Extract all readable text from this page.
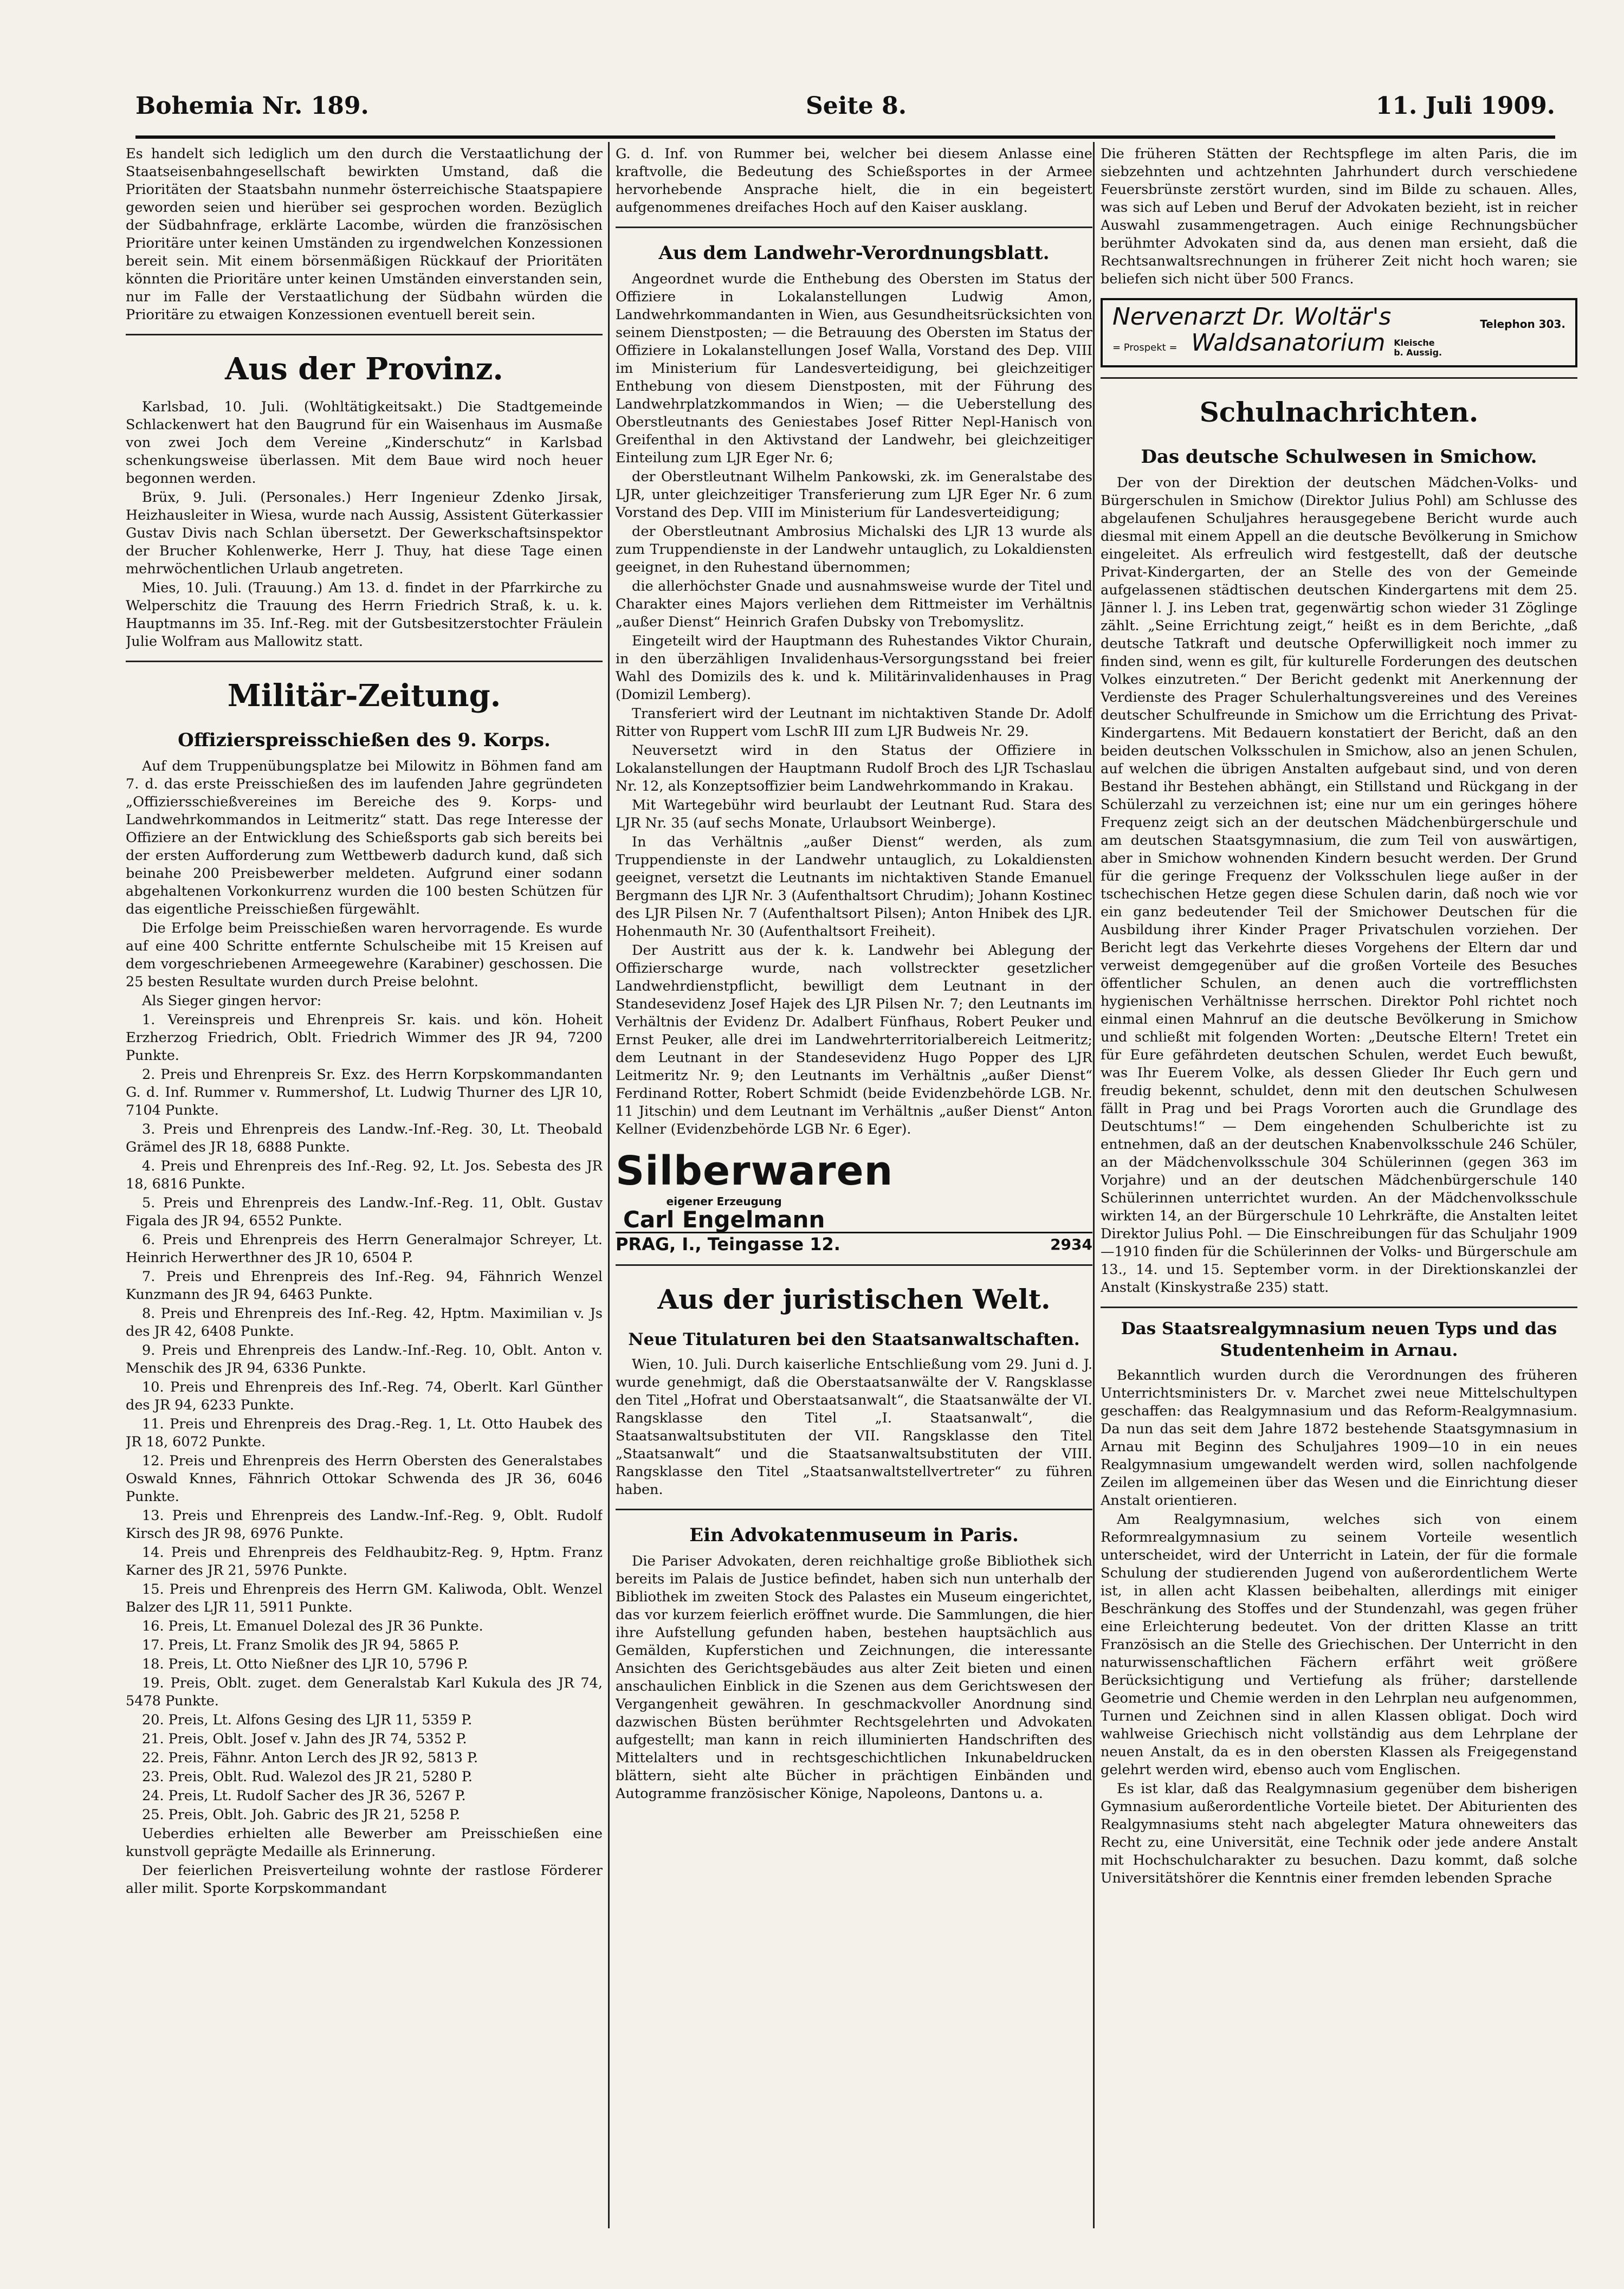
Bohemia Nr. 189.	Seite 8.	11. Juli 1909.

Es handelt sich lediglich um den durch die Verstaatlichung der Staatseisenbahngesellschaft bewirkten Umstand, daß die Prioritäten der Staatsbahn nunmehr österreichische Staatspapiere geworden seien und hierüber sei gesprochen worden. Bezüglich der Südbahnfrage, erklärte Lacombe, würden die französischen Prioritäre unter keinen Umständen zu irgendwelchen Konzessionen bereit sein. Mit einem börsenmäßigen Rückkauf der Prioritäten könnten die Prioritäre unter keinen Umständen einverstanden sein, nur im Falle der Verstaatlichung der Südbahn würden die Prioritäre zu etwaigen Konzessionen eventuell bereit sein.

Aus der Provinz.

Karlsbad, 10. Juli. (Wohltätigkeitsakt.) Die Stadtgemeinde Schlackenwert hat den Baugrund für ein Waisenhaus im Ausmaße von zwei Joch dem Vereine „Kinderschutz“ in Karlsbad schenkungsweise überlassen. Mit dem Baue wird noch heuer begonnen werden.

Brüx, 9. Juli. (Personales.) Herr Ingenieur Zdenko Jirsak, Heizhausleiter in Wiesa, wurde nach Aussig, Assistent Güterkassier Gustav Divis nach Schlan übersetzt. Der Gewerkschaftsinspektor der Brucher Kohlenwerke, Herr J. Thuy, hat diese Tage einen mehrwöchentlichen Urlaub angetreten.

Mies, 10. Juli. (Trauung.) Am 13. d. findet in der Pfarrkirche zu Welperschitz die Trauung des Herrn Friedrich Straß, k. u. k. Hauptmanns im 35. Inf.-Reg. mit der Gutsbesitzerstochter Fräulein Julie Wolfram aus Mallowitz statt.

Militär-Zeitung.
Offizierspreisschießen des 9. Korps.

Auf dem Truppenübungsplatze bei Milowitz in Böhmen fand am 7. d. das erste Preisschießen des im laufenden Jahre gegründeten „Offiziersschießvereines im Bereiche des 9. Korps- und Landwehrkommandos in Leitmeritz“ statt. Das rege Interesse der Offiziere an der Entwicklung des Schießsports gab sich bereits bei der ersten Aufforderung zum Wettbewerb dadurch kund, daß sich beinahe 200 Preisbewerber meldeten. Aufgrund einer sodann abgehaltenen Vorkonkurrenz wurden die 100 besten Schützen für das eigentliche Preisschießen fürgewählt.

Die Erfolge beim Preisschießen waren hervorragende. Es wurde auf eine 400 Schritte entfernte Schulscheibe mit 15 Kreisen auf dem vorgeschriebenen Armeegewehre (Karabiner) geschossen. Die 25 besten Resultate wurden durch Preise belohnt.

Als Sieger gingen hervor:

1. Vereinspreis und Ehrenpreis Sr. kais. und kön. Hoheit Erzherzog Friedrich, Oblt. Friedrich Wimmer des JR 94, 7200 Punkte.

2. Preis und Ehrenpreis Sr. Exz. des Herrn Korpskommandanten G. d. Inf. Rummer v. Rummershof, Lt. Ludwig Thurner des LJR 10, 7104 Punkte.

3. Preis und Ehrenpreis des Landw.-Inf.-Reg. 30, Lt. Theobald Grämel des JR 18, 6888 Punkte.

4. Preis und Ehrenpreis des Inf.-Reg. 92, Lt. Jos. Sebesta des JR 18, 6816 Punkte.

5. Preis und Ehrenpreis des Landw.-Inf.-Reg. 11, Oblt. Gustav Figala des JR 94, 6552 Punkte.

6. Preis und Ehrenpreis des Herrn Generalmajor Schreyer, Lt. Heinrich Herwerthner des JR 10, 6504 P.

7. Preis und Ehrenpreis des Inf.-Reg. 94, Fähnrich Wenzel Kunzmann des JR 94, 6463 Punkte.

8. Preis und Ehrenpreis des Inf.-Reg. 42, Hptm. Maximilian v. Js des JR 42, 6408 Punkte.

9. Preis und Ehrenpreis des Landw.-Inf.-Reg. 10, Oblt. Anton v. Menschik des JR 94, 6336 Punkte.

10. Preis und Ehrenpreis des Inf.-Reg. 74, Oberlt. Karl Günther des JR 94, 6233 Punkte.

11. Preis und Ehrenpreis des Drag.-Reg. 1, Lt. Otto Haubek des JR 18, 6072 Punkte.

12. Preis und Ehrenpreis des Herrn Obersten des Generalstabes Oswald Knnes, Fähnrich Ottokar Schwenda des JR 36, 6046 Punkte.

13. Preis und Ehrenpreis des Landw.-Inf.-Reg. 9, Oblt. Rudolf Kirsch des JR 98, 6976 Punkte.

14. Preis und Ehrenpreis des Feldhaubitz-Reg. 9, Hptm. Franz Karner des JR 21, 5976 Punkte.

15. Preis und Ehrenpreis des Herrn GM. Kaliwoda, Oblt. Wenzel Balzer des LJR 11, 5911 Punkte.

16. Preis, Lt. Emanuel Dolezal des JR 36 Punkte.

17. Preis, Lt. Franz Smolik des JR 94, 5865 P.

18. Preis, Lt. Otto Nießner des LJR 10, 5796 P.

19. Preis, Oblt. zuget. dem Generalstab Karl Kukula des JR 74, 5478 Punkte.

20. Preis, Lt. Alfons Gesing des LJR 11, 5359 P.

21. Preis, Oblt. Josef v. Jahn des JR 74, 5352 P.

22. Preis, Fähnr. Anton Lerch des JR 92, 5813 P.

23. Preis, Oblt. Rud. Walezol des JR 21, 5280 P.

24. Preis, Lt. Rudolf Sacher des JR 36, 5267 P.

25. Preis, Oblt. Joh. Gabric des JR 21, 5258 P.

Ueberdies erhielten alle Bewerber am Preisschießen eine kunstvoll geprägte Medaille als Erinnerung.

Der feierlichen Preisverteilung wohnte der rastlose Förderer aller milit. Sporte Korpskommandant

G. d. Inf. von Rummer bei, welcher bei diesem Anlasse eine kraftvolle, die Bedeutung des Schießsportes in der Armee hervorhebende Ansprache hielt, die in ein begeistert aufgenommenes dreifaches Hoch auf den Kaiser ausklang.

Aus dem Landwehr-Verordnungsblatt.

Angeordnet wurde die Enthebung des Obersten im Status der Offiziere in Lokalanstellungen Ludwig Amon, Landwehrkommandanten in Wien, aus Gesundheitsrücksichten von seinem Dienstposten; — die Betrauung des Obersten im Status der Offiziere in Lokalanstellungen Josef Walla, Vorstand des Dep. VIII im Ministerium für Landesverteidigung, bei gleichzeitiger Enthebung von diesem Dienstposten, mit der Führung des Landwehrplatzkommandos in Wien; — die Ueberstellung des Oberstleutnants des Geniestabes Josef Ritter Nepl-Hanisch von Greifenthal in den Aktivstand der Landwehr, bei gleichzeitiger Einteilung zum LJR Eger Nr. 6;

der Oberstleutnant Wilhelm Pankowski, zk. im Generalstabe des LJR, unter gleichzeitiger Transferierung zum LJR Eger Nr. 6 zum Vorstand des Dep. VIII im Ministerium für Landesverteidigung;

der Oberstleutnant Ambrosius Michalski des LJR 13 wurde als zum Truppendienste in der Landwehr untauglich, zu Lokaldiensten geeignet, in den Ruhestand übernommen;

die allerhöchster Gnade und ausnahmsweise wurde der Titel und Charakter eines Majors verliehen dem Rittmeister im Verhältnis „außer Dienst“ Heinrich Grafen Dubsky von Trebomyslitz.

Eingeteilt wird der Hauptmann des Ruhestandes Viktor Churain, in den überzähligen Invalidenhaus-Versorgungsstand bei freier Wahl des Domizils des k. und k. Militärinvalidenhauses in Prag (Domizil Lemberg).

Transferiert wird der Leutnant im nichtaktiven Stande Dr. Adolf Ritter von Ruppert vom LschR III zum LJR Budweis Nr. 29.

Neuversetzt wird in den Status der Offiziere in Lokalanstellungen der Hauptmann Rudolf Broch des LJR Tschaslau Nr. 12, als Konzeptsoffizier beim Landwehrkommando in Krakau.

Mit Wartegebühr wird beurlaubt der Leutnant Rud. Stara des LJR Nr. 35 (auf sechs Monate, Urlaubsort Weinberge).

In das Verhältnis „außer Dienst“ werden, als zum Truppendienste in der Landwehr untauglich, zu Lokaldiensten geeignet, versetzt die Leutnants im nichtaktiven Stande Emanuel Bergmann des LJR Nr. 3 (Aufenthaltsort Chrudim); Johann Kostinec des LJR Pilsen Nr. 7 (Aufenthaltsort Pilsen); Anton Hnibek des LJR. Hohenmauth Nr. 30 (Aufenthaltsort Freiheit).

Der Austritt aus der k. k. Landwehr bei Ablegung der Offizierscharge wurde, nach vollstreckter gesetzlicher Landwehrdienstpflicht, bewilligt dem Leutnant in der Standesevidenz Josef Hajek des LJR Pilsen Nr. 7; den Leutnants im Verhältnis der Evidenz Dr. Adalbert Fünfhaus, Robert Peuker und Ernst Peuker, alle drei im Landwehrterritorialbereich Leitmeritz; dem Leutnant in der Standesevidenz Hugo Popper des LJR Leitmeritz Nr. 9; den Leutnants im Verhältnis „außer Dienst“ Ferdinand Rotter, Robert Schmidt (beide Evidenzbehörde LGB. Nr. 11 Jitschin) und dem Leutnant im Verhältnis „außer Dienst“ Anton Kellner (Evidenzbehörde LGB Nr. 6 Eger).

Silberwaren
eigener Erzeugung
Carl Engelmann
PRAG, I., Teingasse 12.	2934
Aus der juristischen Welt.
Neue Titulaturen bei den Staatsanwaltschaften.

Wien, 10. Juli. Durch kaiserliche Entschließung vom 29. Juni d. J. wurde genehmigt, daß die Oberstaatsanwälte der V. Rangsklasse den Titel „Hofrat und Oberstaatsanwalt“, die Staatsanwälte der VI. Rangsklasse den Titel „I. Staatsanwalt“, die Staatsanwaltsubstituten der VII. Rangsklasse den Titel „Staatsanwalt“ und die Staatsanwaltsubstituten der VIII. Rangsklasse den Titel „Staatsanwaltstellvertreter“ zu führen haben.

Ein Advokatenmuseum in Paris.

Die Pariser Advokaten, deren reichhaltige große Bibliothek sich bereits im Palais de Justice befindet, haben sich nun unterhalb der Bibliothek im zweiten Stock des Palastes ein Museum eingerichtet, das vor kurzem feierlich eröffnet wurde. Die Sammlungen, die hier ihre Aufstellung gefunden haben, bestehen hauptsächlich aus Gemälden, Kupferstichen und Zeichnungen, die interessante Ansichten des Gerichtsgebäudes aus alter Zeit bieten und einen anschaulichen Einblick in die Szenen aus dem Gerichtswesen der Vergangenheit gewähren. In geschmackvoller Anordnung sind dazwischen Büsten berühmter Rechtsgelehrten und Advokaten aufgestellt; man kann in reich illuminierten Handschriften des Mittelalters und in rechtsgeschichtlichen Inkunabeldrucken blättern, sieht alte Bücher in prächtigen Einbänden und Autogramme französischer Könige, Napoleons, Dantons u. a.

Die früheren Stätten der Rechtspflege im alten Paris, die im siebzehnten und achtzehnten Jahrhundert durch verschiedene Feuersbrünste zerstört wurden, sind im Bilde zu schauen. Alles, was sich auf Leben und Beruf der Advokaten bezieht, ist in reicher Auswahl zusammengetragen. Auch einige Rechnungsbücher berühmter Advokaten sind da, aus denen man ersieht, daß die Rechtsanwaltsrechnungen in früherer Zeit nicht hoch waren; sie beliefen sich nicht über 500 Francs.

Nervenarzt Dr. Woltär's	Telephon 303.
= Prospekt = Waldsanatorium Kleische
b. Aussig.
Schulnachrichten.
Das deutsche Schulwesen in Smichow.

Der von der Direktion der deutschen Mädchen-Volks- und Bürgerschulen in Smichow (Direktor Julius Pohl) am Schlusse des abgelaufenen Schuljahres herausgegebene Bericht wurde auch diesmal mit einem Appell an die deutsche Bevölkerung in Smichow eingeleitet. Als erfreulich wird festgestellt, daß der deutsche Privat-Kindergarten, der an Stelle des von der Gemeinde aufgelassenen städtischen deutschen Kindergartens mit dem 25. Jänner l. J. ins Leben trat, gegenwärtig schon wieder 31 Zöglinge zählt. „Seine Errichtung zeigt,“ heißt es in dem Berichte, „daß deutsche Tatkraft und deutsche Opferwilligkeit noch immer zu finden sind, wenn es gilt, für kulturelle Forderungen des deutschen Volkes einzutreten.“ Der Bericht gedenkt mit Anerkennung der Verdienste des Prager Schulerhaltungsvereines und des Vereines deutscher Schulfreunde in Smichow um die Errichtung des Privat-Kindergartens. Mit Bedauern konstatiert der Bericht, daß an den beiden deutschen Volksschulen in Smichow, also an jenen Schulen, auf welchen die übrigen Anstalten aufgebaut sind, und von deren Bestand ihr Bestehen abhängt, ein Stillstand und Rückgang in der Schülerzahl zu verzeichnen ist; eine nur um ein geringes höhere Frequenz zeigt sich an der deutschen Mädchenbürgerschule und am deutschen Staatsgymnasium, die zum Teil von auswärtigen, aber in Smichow wohnenden Kindern besucht werden. Der Grund für die geringe Frequenz der Volksschulen liege außer in der tschechischen Hetze gegen diese Schulen darin, daß noch wie vor ein ganz bedeutender Teil der Smichower Deutschen für die Ausbildung ihrer Kinder Prager Privatschulen vorziehen. Der Bericht legt das Verkehrte dieses Vorgehens der Eltern dar und verweist demgegenüber auf die großen Vorteile des Besuches öffentlicher Schulen, an denen auch die vortrefflichsten hygienischen Verhältnisse herrschen. Direktor Pohl richtet noch einmal einen Mahnruf an die deutsche Bevölkerung in Smichow und schließt mit folgenden Worten: „Deutsche Eltern! Tretet ein für Eure gefährdeten deutschen Schulen, werdet Euch bewußt, was Ihr Euerem Volke, als dessen Glieder Ihr Euch gern und freudig bekennt, schuldet, denn mit den deutschen Schulwesen fällt in Prag und bei Prags Vororten auch die Grundlage des Deutschtums!“ — Dem eingehenden Schulberichte ist zu entnehmen, daß an der deutschen Knabenvolksschule 246 Schüler, an der Mädchenvolksschule 304 Schülerinnen (gegen 363 im Vorjahre) und an der deutschen Mädchenbürgerschule 140 Schülerinnen unterrichtet wurden. An der Mädchenvolksschule wirkten 14, an der Bürgerschule 10 Lehrkräfte, die Anstalten leitet Direktor Julius Pohl. — Die Einschreibungen für das Schuljahr 1909—1910 finden für die Schülerinnen der Volks- und Bürgerschule am 13., 14. und 15. September vorm. in der Direktionskanzlei der Anstalt (Kinskystraße 235) statt.

Das Staatsrealgymnasium neuen Typs und das Studentenheim in Arnau.

Bekanntlich wurden durch die Verordnungen des früheren Unterrichtsministers Dr. v. Marchet zwei neue Mittelschultypen geschaffen: das Realgymnasium und das Reform-Realgymnasium. Da nun das seit dem Jahre 1872 bestehende Staatsgymnasium in Arnau mit Beginn des Schuljahres 1909—10 in ein neues Realgymnasium umgewandelt werden wird, sollen nachfolgende Zeilen im allgemeinen über das Wesen und die Einrichtung dieser Anstalt orientieren.

Am Realgymnasium, welches sich von einem Reformrealgymnasium zu seinem Vorteile wesentlich unterscheidet, wird der Unterricht in Latein, der für die formale Schulung der studierenden Jugend von außerordentlichem Werte ist, in allen acht Klassen beibehalten, allerdings mit einiger Beschränkung des Stoffes und der Stundenzahl, was gegen früher eine Erleichterung bedeutet. Von der dritten Klasse an tritt Französisch an die Stelle des Griechischen. Der Unterricht in den naturwissenschaftlichen Fächern erfährt weit größere Berücksichtigung und Vertiefung als früher; darstellende Geometrie und Chemie werden in den Lehrplan neu aufgenommen, Turnen und Zeichnen sind in allen Klassen obligat. Doch wird wahlweise Griechisch nicht vollständig aus dem Lehrplane der neuen Anstalt, da es in den obersten Klassen als Freigegenstand gelehrt werden wird, ebenso auch vom Englischen.

Es ist klar, daß das Realgymnasium gegenüber dem bisherigen Gymnasium außerordentliche Vorteile bietet. Der Abiturienten des Realgymnasiums steht nach abgelegter Matura ohneweiters das Recht zu, eine Universität, eine Technik oder jede andere Anstalt mit Hochschulcharakter zu besuchen. Dazu kommt, daß solche Universitätshörer die Kenntnis einer fremden lebenden Sprache
